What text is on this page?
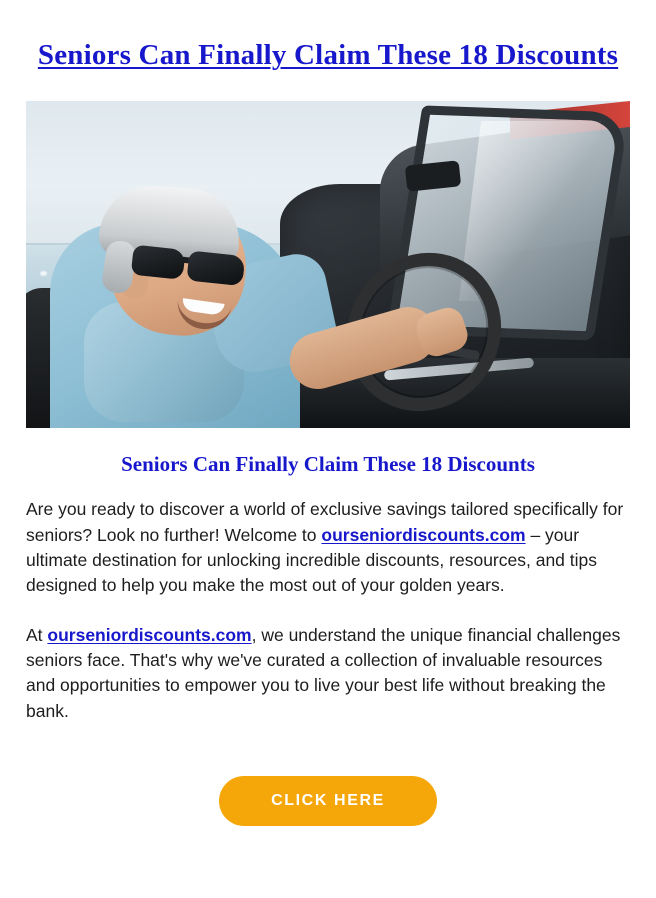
Seniors Can Finally Claim These 18 Discounts
Seniors Can Finally Claim These 18 Discounts

Are you ready to discover a world of exclusive savings tailored specifically for seniors? Look no further! Welcome to ourseniordiscounts.com – your ultimate destination for unlocking incredible discounts, resources, and tips designed to help you make the most out of your golden years.

At ourseniordiscounts.com, we understand the unique financial challenges seniors face. That's why we've curated a collection of invaluable resources and opportunities to empower you to live your best life without breaking the bank.

CLICK HERE
